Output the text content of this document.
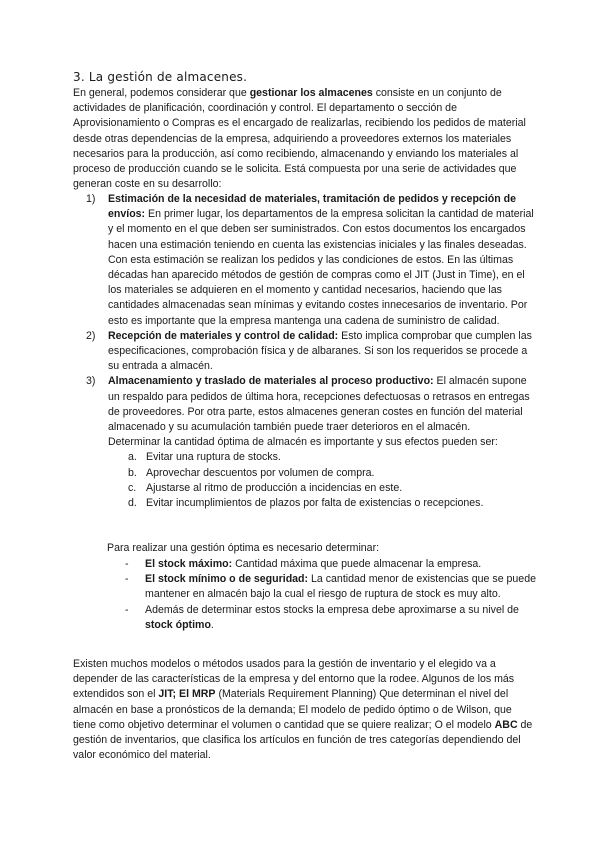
3. La gestión de almacenes.
En general, podemos considerar que gestionar los almacenes consiste en un conjunto de actividades de planificación, coordinación y control. El departamento o sección de Aprovisionamiento o Compras es el encargado de realizarlas, recibiendo los pedidos de material desde otras dependencias de la empresa, adquiriendo a proveedores externos los materiales necesarios para la producción, así como recibiendo, almacenando y enviando los materiales al proceso de producción cuando se le solicita. Está compuesta por una serie de actividades que generan coste en su desarrollo:
1) Estimación de la necesidad de materiales, tramitación de pedidos y recepción de envíos: En primer lugar, los departamentos de la empresa solicitan la cantidad de material y el momento en el que deben ser suministrados. Con estos documentos los encargados hacen una estimación teniendo en cuenta las existencias iniciales y las finales deseadas. Con esta estimación se realizan los pedidos y las condiciones de estos. En las últimas décadas han aparecido métodos de gestión de compras como el JIT (Just in Time), en el los materiales se adquieren en el momento y cantidad necesarios, haciendo que las cantidades almacenadas sean mínimas y evitando costes innecesarios de inventario. Por esto es importante que la empresa mantenga una cadena de suministro de calidad.
2) Recepción de materiales y control de calidad: Esto implica comprobar que cumplen las especificaciones, comprobación física y de albaranes. Si son los requeridos se procede a su entrada a almacén.
3) Almacenamiento y traslado de materiales al proceso productivo: El almacén supone un respaldo para pedidos de última hora, recepciones defectuosas o retrasos en entregas de proveedores. Por otra parte, estos almacenes generan costes en función del material almacenado y su acumulación también puede traer deterioros en el almacén.
Determinar la cantidad óptima de almacén es importante y sus efectos pueden ser:
a. Evitar una ruptura de stocks.
b. Aprovechar descuentos por volumen de compra.
c. Ajustarse al ritmo de producción a incidencias en este.
d. Evitar incumplimientos de plazos por falta de existencias o recepciones.
Para realizar una gestión óptima es necesario determinar:
- El stock máximo: Cantidad máxima que puede almacenar la empresa.
- El stock mínimo o de seguridad: La cantidad menor de existencias que se puede mantener en almacén bajo la cual el riesgo de ruptura de stock es muy alto.
- Además de determinar estos stocks la empresa debe aproximarse a su nivel de stock óptimo.
Existen muchos modelos o métodos usados para la gestión de inventario y el elegido va a depender de las características de la empresa y del entorno que la rodee. Algunos de los más extendidos son el JIT; El MRP (Materials Requirement Planning) Que determinan el nivel del almacén en base a pronósticos de la demanda; El modelo de pedido óptimo o de Wilson, que tiene como objetivo determinar el volumen o cantidad que se quiere realizar; O el modelo ABC de gestión de inventarios, que clasifica los artículos en función de tres categorías dependiendo del valor económico del material.
